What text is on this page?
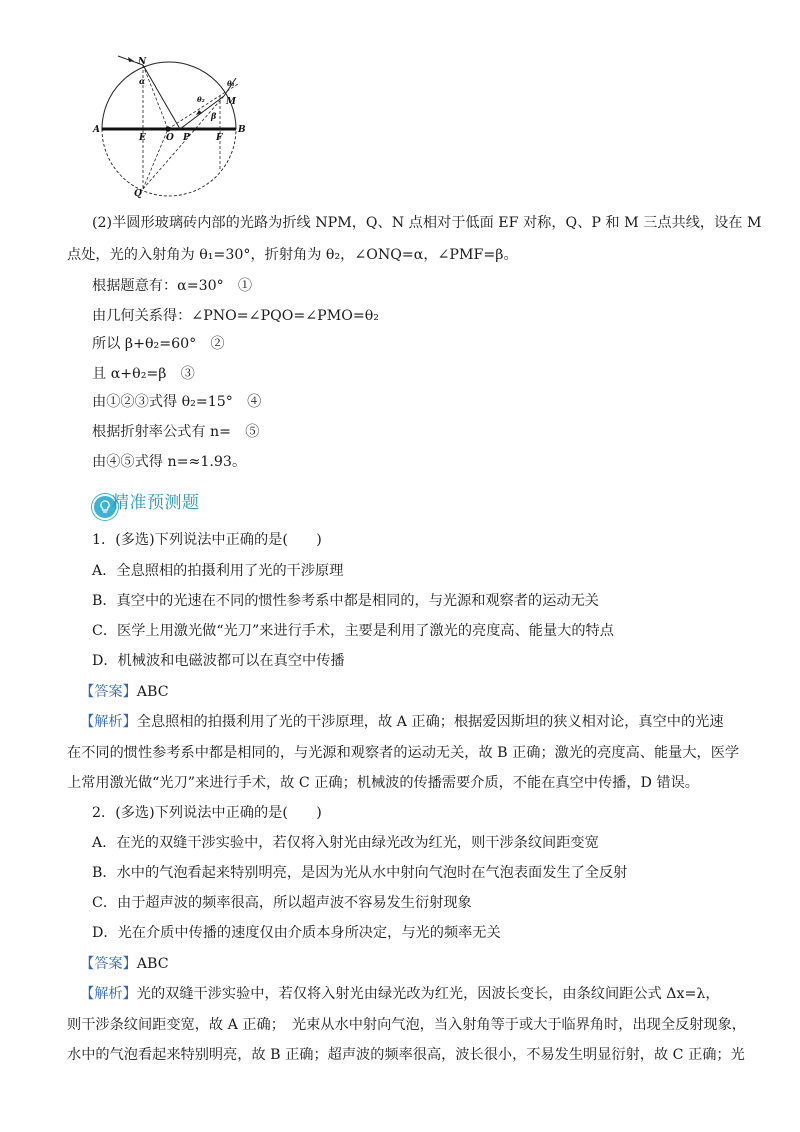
N
M
A	B
O P
E	F
Q
α
β
θ₁
θ₂
(2)半圆形玻璃砖内部的光路为折线 NPM，Q、N 点相对于低面 EF 对称，Q、P 和 M 三点共线，设在 M
点处，光的入射角为 θ₁=30°，折射角为 θ₂，∠ONQ=α，∠PMF=β。
根据题意有：α=30°　①
由几何关系得：∠PNO=∠PQO=∠PMO=θ₂
所以 β+θ₂=60°　②
且 α+θ₂=β　③
由①②③式得 θ₂=15°　④
根据折射率公式有 n=　⑤
由④⑤式得 n=≈1.93。
精准预测题
1．(多选)下列说法中正确的是(　　)
A．全息照相的拍摄利用了光的干涉原理
B．真空中的光速在不同的惯性参考系中都是相同的，与光源和观察者的运动无关
C．医学上用激光做“光刀”来进行手术，主要是利用了激光的亮度高、能量大的特点
D．机械波和电磁波都可以在真空中传播
【答案】ABC
【解析】全息照相的拍摄利用了光的干涉原理，故 A 正确；根据爱因斯坦的狭义相对论，真空中的光速
在不同的惯性参考系中都是相同的，与光源和观察者的运动无关，故 B 正确；激光的亮度高、能量大，医学
上常用激光做“光刀”来进行手术，故 C 正确；机械波的传播需要介质，不能在真空中传播，D 错误。
2．(多选)下列说法中正确的是(　　)
A．在光的双缝干涉实验中，若仅将入射光由绿光改为红光，则干涉条纹间距变宽
B．水中的气泡看起来特别明亮，是因为光从水中射向气泡时在气泡表面发生了全反射
C．由于超声波的频率很高，所以超声波不容易发生衍射现象
D．光在介质中传播的速度仅由介质本身所决定，与光的频率无关
【答案】ABC
【解析】光的双缝干涉实验中，若仅将入射光由绿光改为红光，因波长变长，由条纹间距公式 Δx=λ，
则干涉条纹间距变宽，故 A 正确；　光束从水中射向气泡，当入射角等于或大于临界角时，出现全反射现象，
水中的气泡看起来特别明亮，故 B 正确；超声波的频率很高，波长很小，不易发生明显衍射，故 C 正确；光
